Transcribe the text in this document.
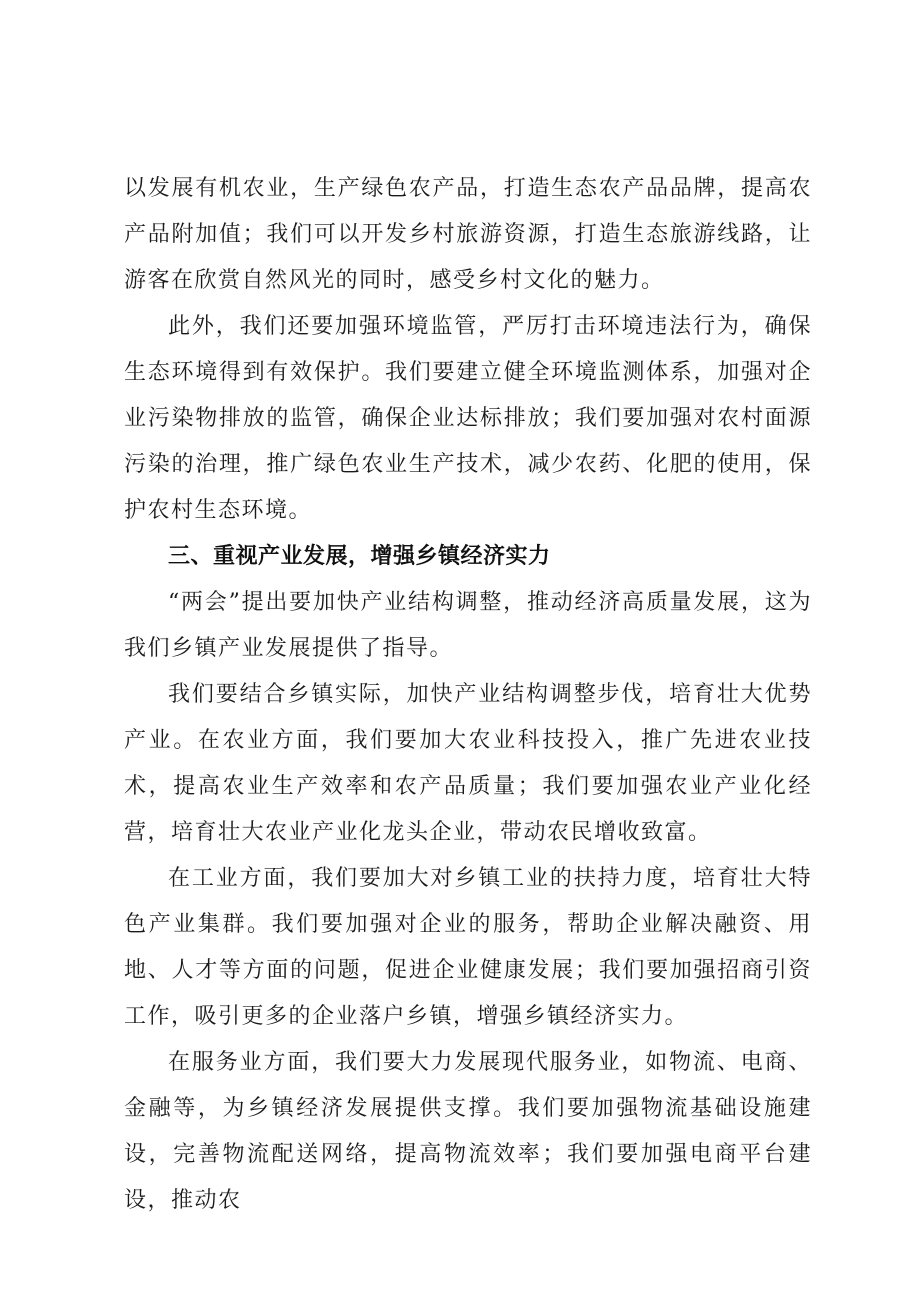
以发展有机农业，生产绿色农产品，打造生态农产品品牌，提高农产品附加值；我们可以开发乡村旅游资源，打造生态旅游线路，让游客在欣赏自然风光的同时，感受乡村文化的魅力。

此外，我们还要加强环境监管，严厉打击环境违法行为，确保生态环境得到有效保护。我们要建立健全环境监测体系，加强对企业污染物排放的监管，确保企业达标排放；我们要加强对农村面源污染的治理，推广绿色农业生产技术，减少农药、化肥的使用，保护农村生态环境。

三、重视产业发展，增强乡镇经济实力

“两会”提出要加快产业结构调整，推动经济高质量发展，这为我们乡镇产业发展提供了指导。

我们要结合乡镇实际，加快产业结构调整步伐，培育壮大优势产业。在农业方面，我们要加大农业科技投入，推广先进农业技术，提高农业生产效率和农产品质量；我们要加强农业产业化经营，培育壮大农业产业化龙头企业，带动农民增收致富。

在工业方面，我们要加大对乡镇工业的扶持力度，培育壮大特色产业集群。我们要加强对企业的服务，帮助企业解决融资、用地、人才等方面的问题，促进企业健康发展；我们要加强招商引资工作，吸引更多的企业落户乡镇，增强乡镇经济实力。

在服务业方面，我们要大力发展现代服务业，如物流、电商、金融等，为乡镇经济发展提供支撑。我们要加强物流基础设施建设，完善物流配送网络，提高物流效率；我们要加强电商平台建设，推动农
